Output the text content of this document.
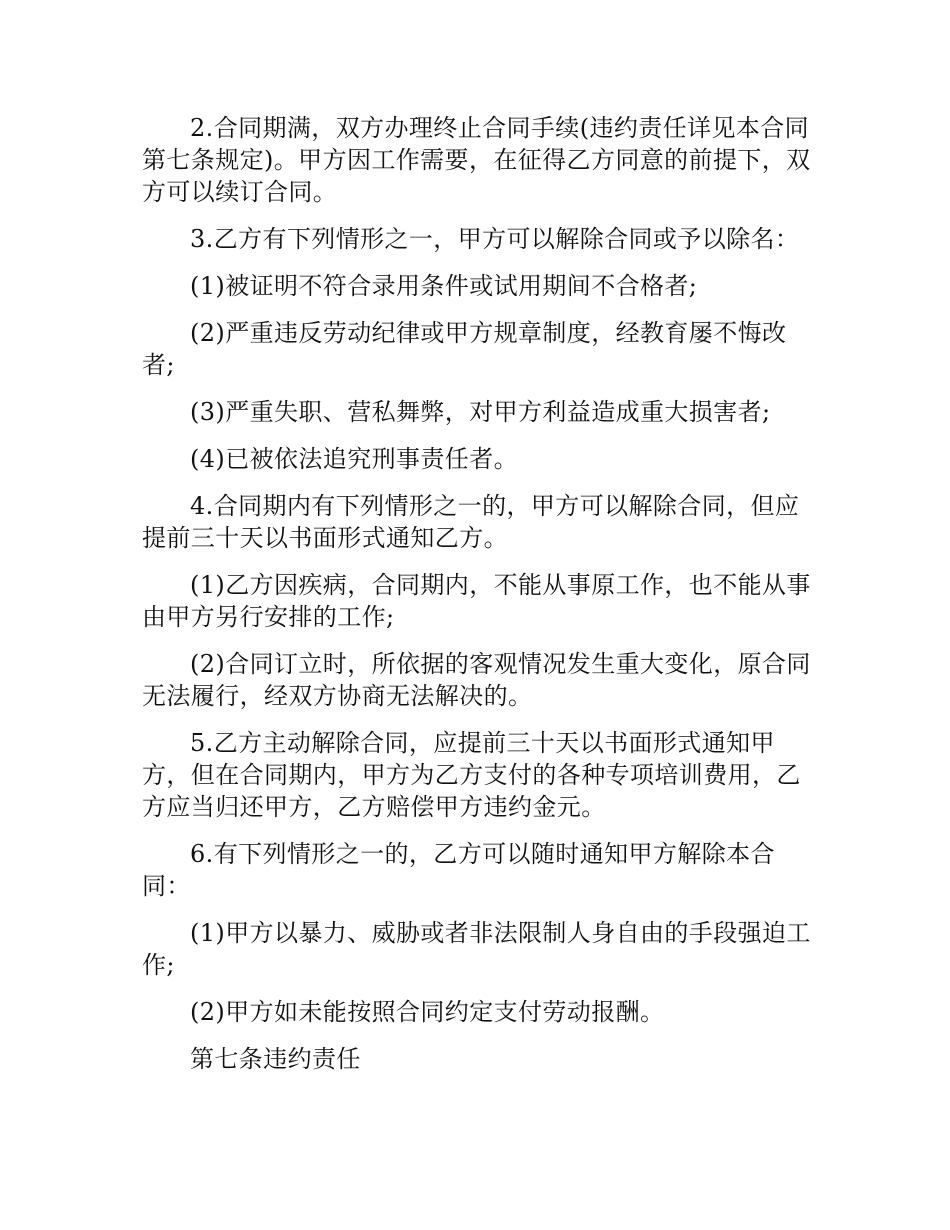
2.合同期满，双方办理终止合同手续(违约责任详见本合同第七条规定)。甲方因工作需要，在征得乙方同意的前提下，双方可以续订合同。

3.乙方有下列情形之一，甲方可以解除合同或予以除名：

(1)被证明不符合录用条件或试用期间不合格者;

(2)严重违反劳动纪律或甲方规章制度，经教育屡不悔改者;

(3)严重失职、营私舞弊，对甲方利益造成重大损害者;

(4)已被依法追究刑事责任者。

4.合同期内有下列情形之一的，甲方可以解除合同，但应提前三十天以书面形式通知乙方。

(1)乙方因疾病，合同期内，不能从事原工作，也不能从事由甲方另行安排的工作;

(2)合同订立时，所依据的客观情况发生重大变化，原合同无法履行，经双方协商无法解决的。

5.乙方主动解除合同，应提前三十天以书面形式通知甲方，但在合同期内，甲方为乙方支付的各种专项培训费用，乙方应当归还甲方，乙方赔偿甲方违约金元。

6.有下列情形之一的，乙方可以随时通知甲方解除本合同：

(1)甲方以暴力、威胁或者非法限制人身自由的手段强迫工作;

(2)甲方如未能按照合同约定支付劳动报酬。

第七条违约责任
